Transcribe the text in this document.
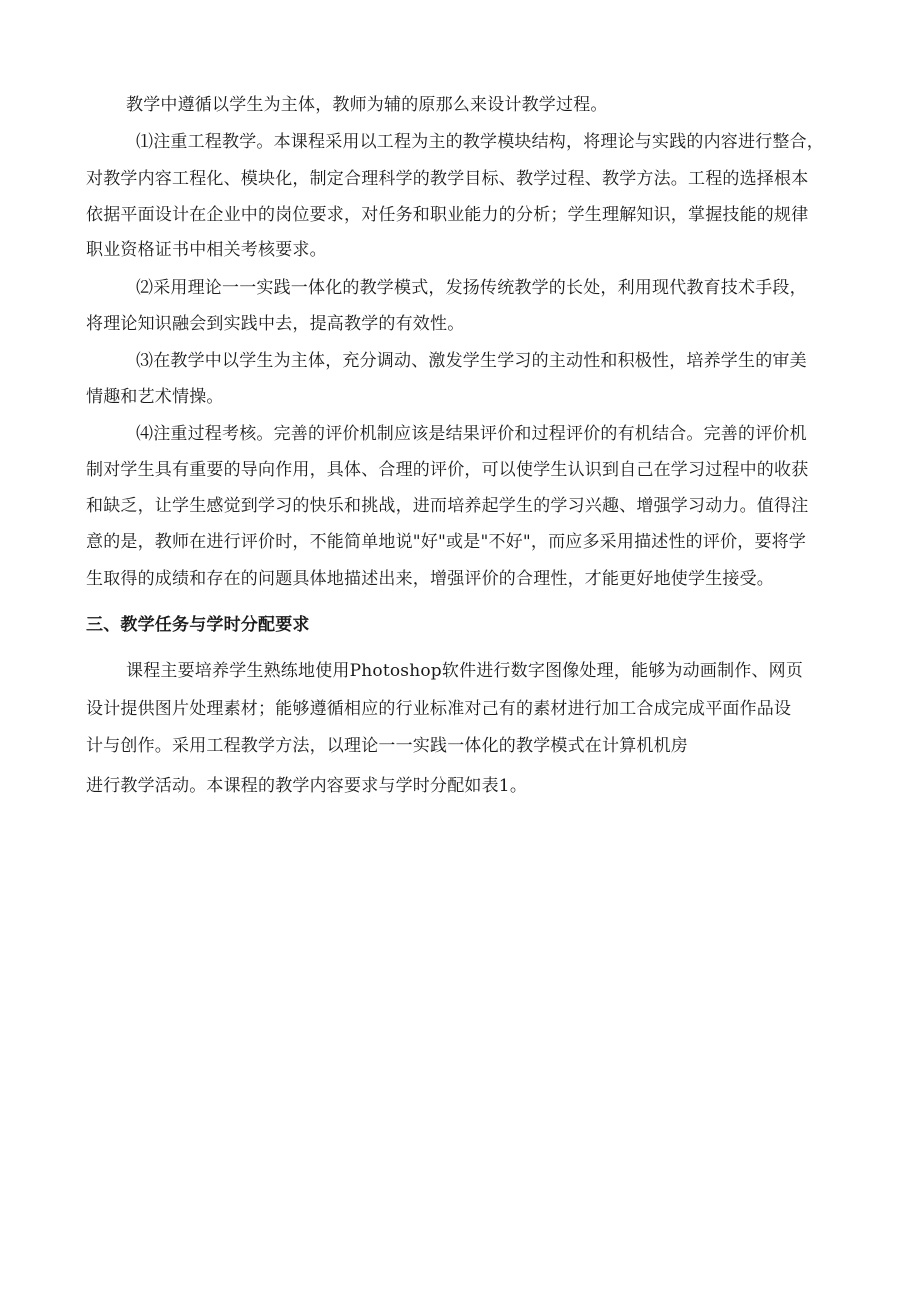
教学中遵循以学生为主体，教师为辅的原那么来设计教学过程。
⑴注重工程教学。本课程采用以工程为主的教学模块结构，将理论与实践的内容进行整合，
对教学内容工程化、模块化，制定合理科学的教学目标、教学过程、教学方法。工程的选择根本
依据平面设计在企业中的岗位要求，对任务和职业能力的分析；学生理解知识，掌握技能的规律
职业资格证书中相关考核要求。
⑵采用理论一一实践一体化的教学模式，发扬传统教学的长处，利用现代教育技术手段，
将理论知识融会到实践中去，提高教学的有效性。
⑶在教学中以学生为主体，充分调动、激发学生学习的主动性和积极性，培养学生的审美
情趣和艺术情操。
⑷注重过程考核。完善的评价机制应该是结果评价和过程评价的有机结合。完善的评价机
制对学生具有重要的导向作用，具体、合理的评价，可以使学生认识到自己在学习过程中的收获
和缺乏，让学生感觉到学习的快乐和挑战，进而培养起学生的学习兴趣、增强学习动力。值得注
意的是，教师在进行评价时，不能简单地说"好"或是"不好"，而应多采用描述性的评价，要将学
生取得的成绩和存在的问题具体地描述出来，增强评价的合理性，才能更好地使学生接受。
三、教学任务与学时分配要求
课程主要培养学生熟练地使用Photoshop软件进行数字图像处理，能够为动画制作、网页
设计提供图片处理素材；能够遵循相应的行业标准对己有的素材进行加工合成完成平面作品设
计与创作。采用工程教学方法，以理论一一实践一体化的教学模式在计算机机房
进行教学活动。本课程的教学内容要求与学时分配如表1。
